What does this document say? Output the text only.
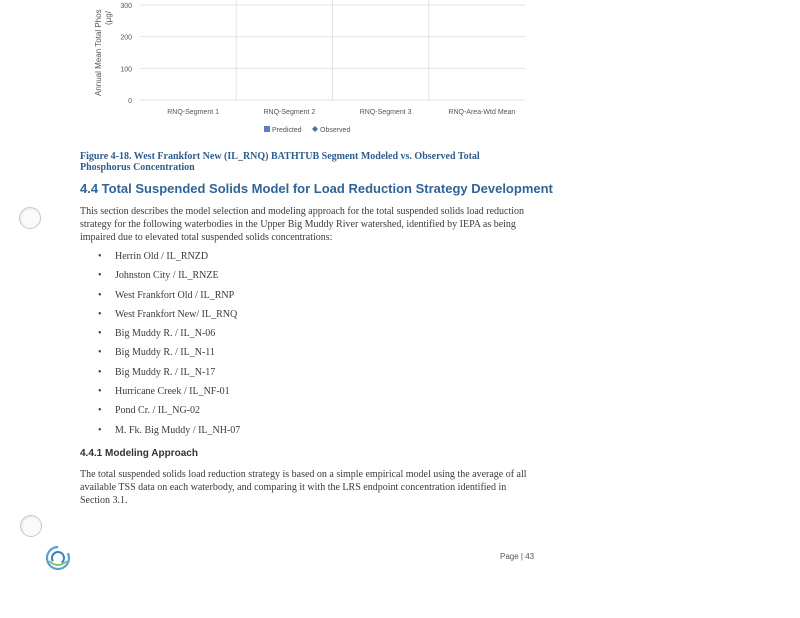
0
100
200
300
RNQ-Segment 1	RNQ-Segment 2	RNQ-Segment 3	RNQ-Area-Wtd Mean
Annual Mean Total Phos (µg/
Predicted	Observed
Figure 4-18. West Frankfort New (IL_RNQ) BATHTUB Segment Modeled vs. Observed Total Phosphorus Concentration
4.4 Total Suspended Solids Model for Load Reduction Strategy Development
This section describes the model selection and modeling approach for the total suspended solids load reduction strategy for the following waterbodies in the Upper Big Muddy River watershed, identified by IEPA as being impaired due to elevated total suspended solids concentrations:
• Herrin Old / IL_RNZD
• Johnston City / IL_RNZE
• West Frankfort Old / IL_RNP
• West Frankfort New/ IL_RNQ
• Big Muddy R. / IL_N-06
• Big Muddy R. / IL_N-11
• Big Muddy R. / IL_N-17
• Hurricane Creek / IL_NF-01
• Pond Cr. / IL_NG-02
• M. Fk. Big Muddy / IL_NH-07
4.4.1 Modeling Approach
The total suspended solids load reduction strategy is based on a simple empirical model using the average of all available TSS data on each waterbody, and comparing it with the LRS endpoint concentration identified in Section 3.1.
Page | 43
